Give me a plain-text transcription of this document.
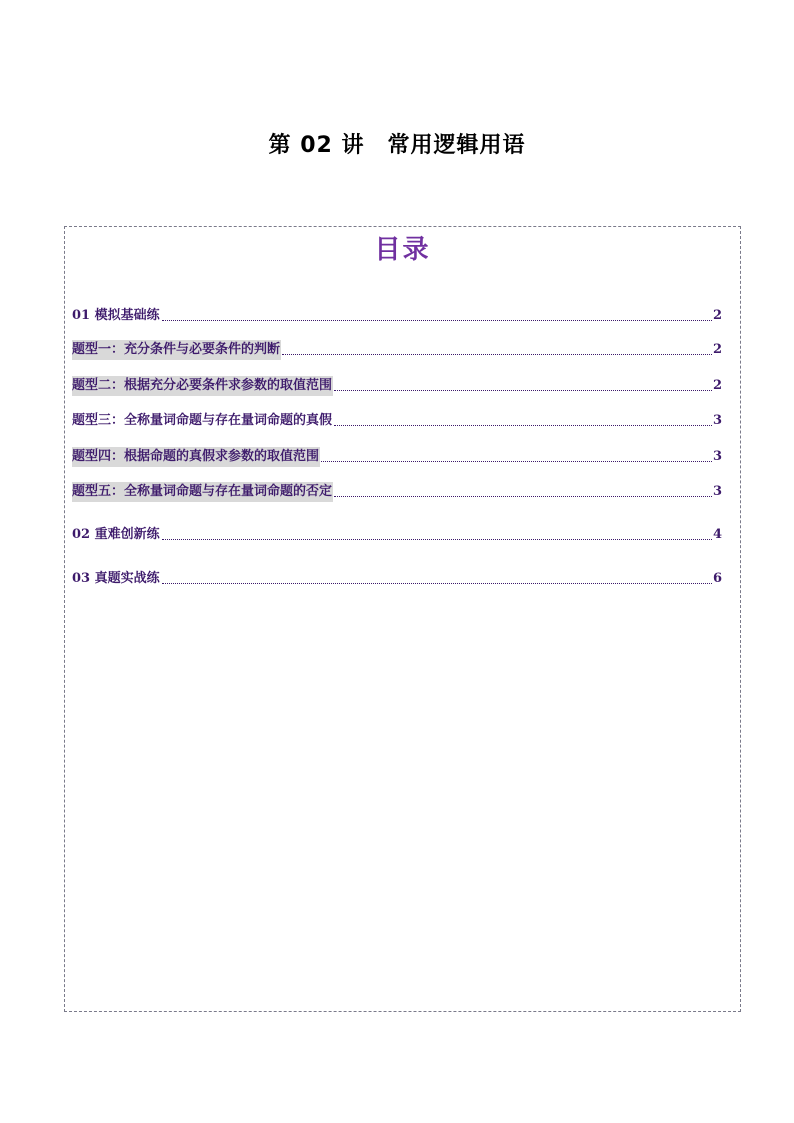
第 02 讲　常用逻辑用语
目录
01 模拟基础练	2
题型一：充分条件与必要条件的判断	2
题型二：根据充分必要条件求参数的取值范围	2
题型三：全称量词命题与存在量词命题的真假	3
题型四：根据命题的真假求参数的取值范围	3
题型五：全称量词命题与存在量词命题的否定	3
02 重难创新练	4
03 真题实战练	6
